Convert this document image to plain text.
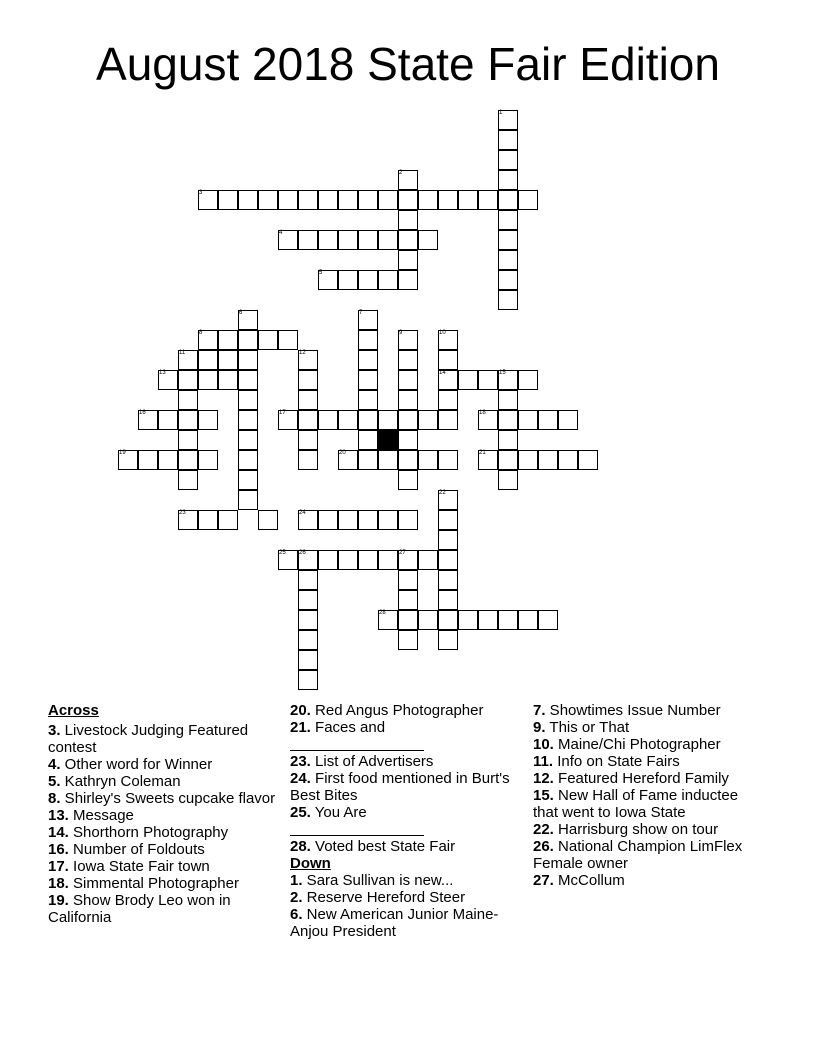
August 2018 State Fair Edition
1
2
3
4
5
6	7
8	9	10
11	12
13	14	15
16	17	18
19	20	21
22
23	24
25 26	27
28
Across
3. Livestock Judging Featured contest
4. Other word for Winner
5. Kathryn Coleman
8. Shirley's Sweets cupcake flavor
13. Message
14. Shorthorn Photography
16. Number of Foldouts
17. Iowa State Fair town
18. Simmental Photographer
19. Show Brody Leo won in California
20. Red Angus Photographer
21. Faces and
23. List of Advertisers
24. First food mentioned in Burt's Best Bites
25. You Are
28. Voted best State Fair
Down
1. Sara Sullivan is new...
2. Reserve Hereford Steer
6. New American Junior Maine-Anjou President
7. Showtimes Issue Number
9. This or That
10. Maine/Chi Photographer
11. Info on State Fairs
12. Featured Hereford Family
15. New Hall of Fame inductee that went to Iowa State
22. Harrisburg show on tour
26. National Champion LimFlex Female owner
27. McCollum
